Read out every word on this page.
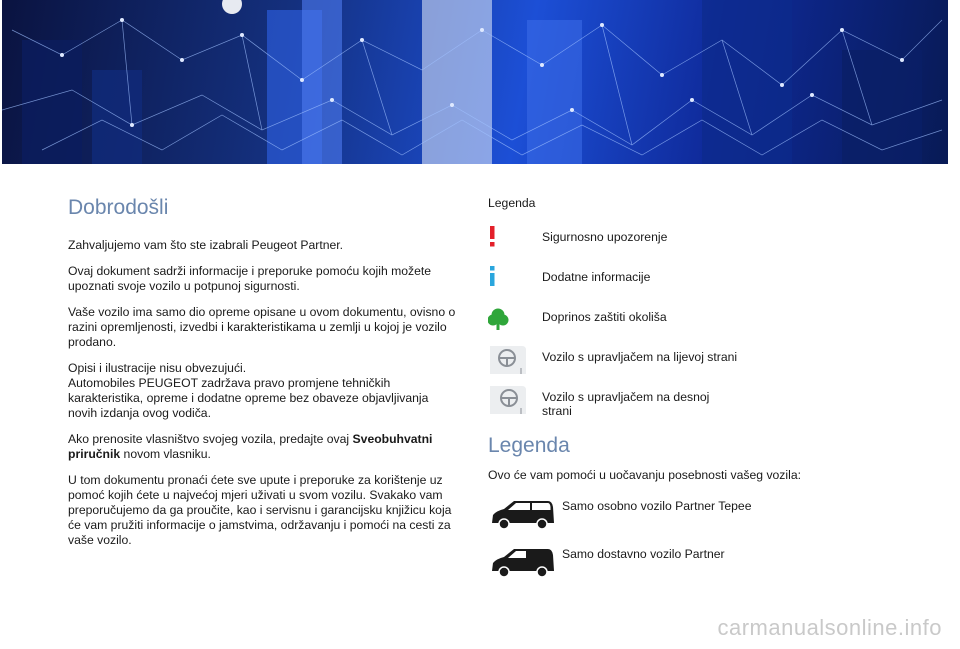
Dobrodošli

Zahvaljujemo vam što ste izabrali Peugeot Partner.

Ovaj dokument sadrži informacije i preporuke pomoću kojih možete upoznati svoje vozilo u potpunoj sigurnosti.

Vaše vozilo ima samo dio opreme opisane u ovom dokumentu, ovisno o razini opremljenosti, izvedbi i karakteristikama u zemlji u kojoj je vozilo prodano.

Opisi i ilustracije nisu obvezujući.
Automobiles PEUGEOT zadržava pravo promjene tehničkih karakteristika, opreme i dodatne opreme bez obaveze objavljivanja novih izdanja ovog vodiča.

Ako prenosite vlasništvo svojeg vozila, predajte ovaj Sveobuhvatni priručnik novom vlasniku.

U tom dokumentu pronaći ćete sve upute i preporuke za korištenje uz pomoć kojih ćete u najvećoj mjeri uživati u svom vozilu. Svakako vam preporučujemo da ga proučite, kao i servisnu i garancijsku knjižicu koja će vam pružiti informacije o jamstvima, održavanju i pomoći na cesti za vaše vozilo.

Legenda
Sigurnosno upozorenje
Dodatne informacije
Doprinos zaštiti okoliša
Vozilo s upravljačem na lijevoj strani
Vozilo s upravljačem na desnoj strani
Legenda
Ovo će vam pomoći u uočavanju posebnosti vašeg vozila:
Samo osobno vozilo Partner Tepee
Samo dostavno vozilo Partner
carmanualsonline.info
